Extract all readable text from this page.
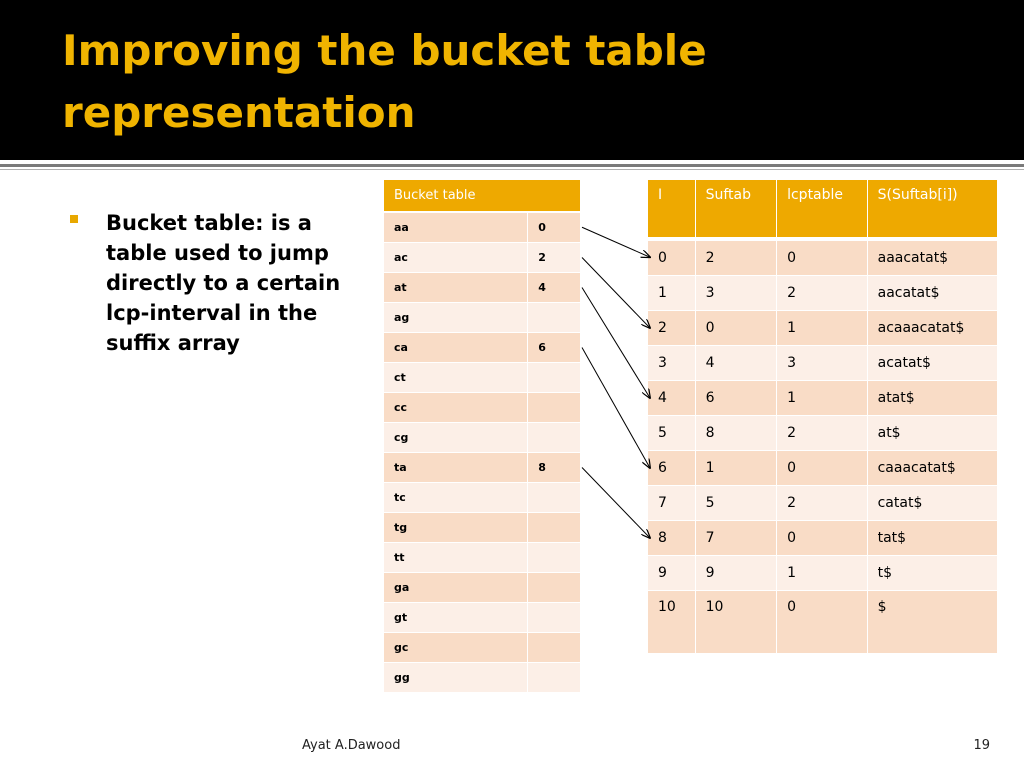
Improving the bucket table representation

Bucket table: is a table used to jump directly to a certain lcp-interval in the suffix array

Bucket table	
aa	0
ac	2
at	4
ag	
ca	6
ct	
cc	
cg	
ta	8
tc	
tg	
tt	
ga	
gt	
gc	
gg	
I	Suftab	lcptable	S(Suftab[i])
0	2	0	aaacatat$
1	3	2	aacatat$
2	0	1	acaaacatat$
3	4	3	acatat$
4	6	1	atat$
5	8	2	at$
6	1	0	caaacatat$
7	5	2	catat$
8	7	0	tat$
9	9	1	t$
10	10	0	$
Ayat A.Dawood	19
